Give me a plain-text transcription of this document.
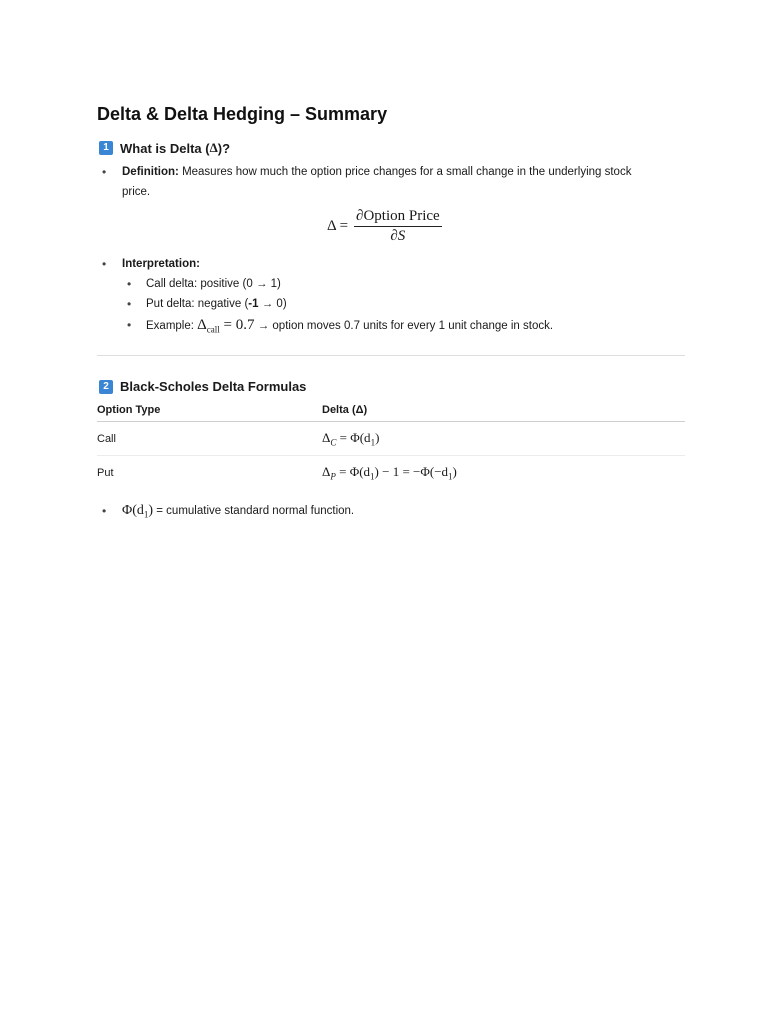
Delta & Delta Hedging – Summary
1 What is Delta ( Δ )?
• Definition: Measures how much the option price changes for a small change in the underlying stock
price.
$\Delta = \frac{\text{∂Option Price}}{\partial S}$
• Interpretation:
• Call delta: positive (0 → 1)
• Put delta: negative (-1 → 0)
• Example: $\Delta_{call} = 0.7$ → option moves 0.7 units for every 1 unit change in stock.
2 Black-Scholes Delta Formulas
Option Type	Delta (Δ)
Call	$\Delta_C = \Phi(d_1)$
Put	$\Delta_P = \Phi(d_1) - 1 = -\Phi(-d_1)$
• $\Phi(d_1)$ = cumulative standard normal function.
